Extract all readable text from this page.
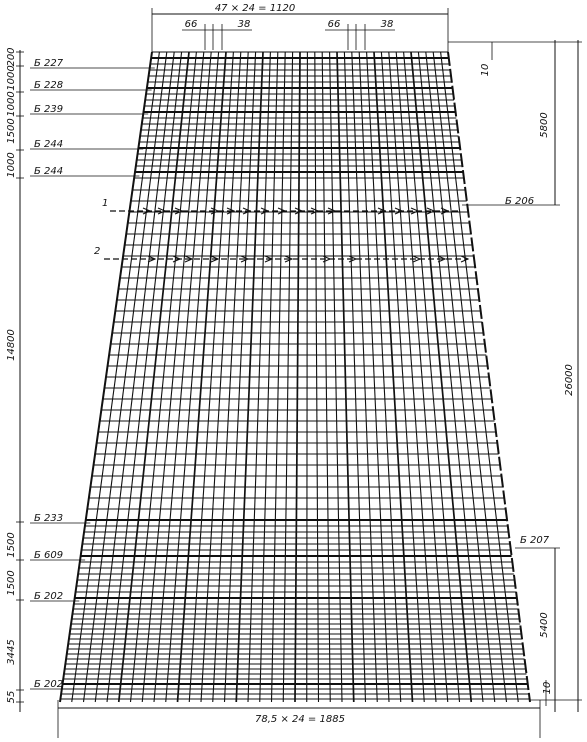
47 × 24 = 1120
66	38	66	38
78,5 × 24 = 1885
10
5800
26000
5400
10
200
1000
1000
1500
1000
14800
1500
1500
3445
55
Б 227
Б 228
Б 239
Б 244
Б 244
Б 233
Б 609
Б 202
Б 202
Б 206
Б 207
1
2
